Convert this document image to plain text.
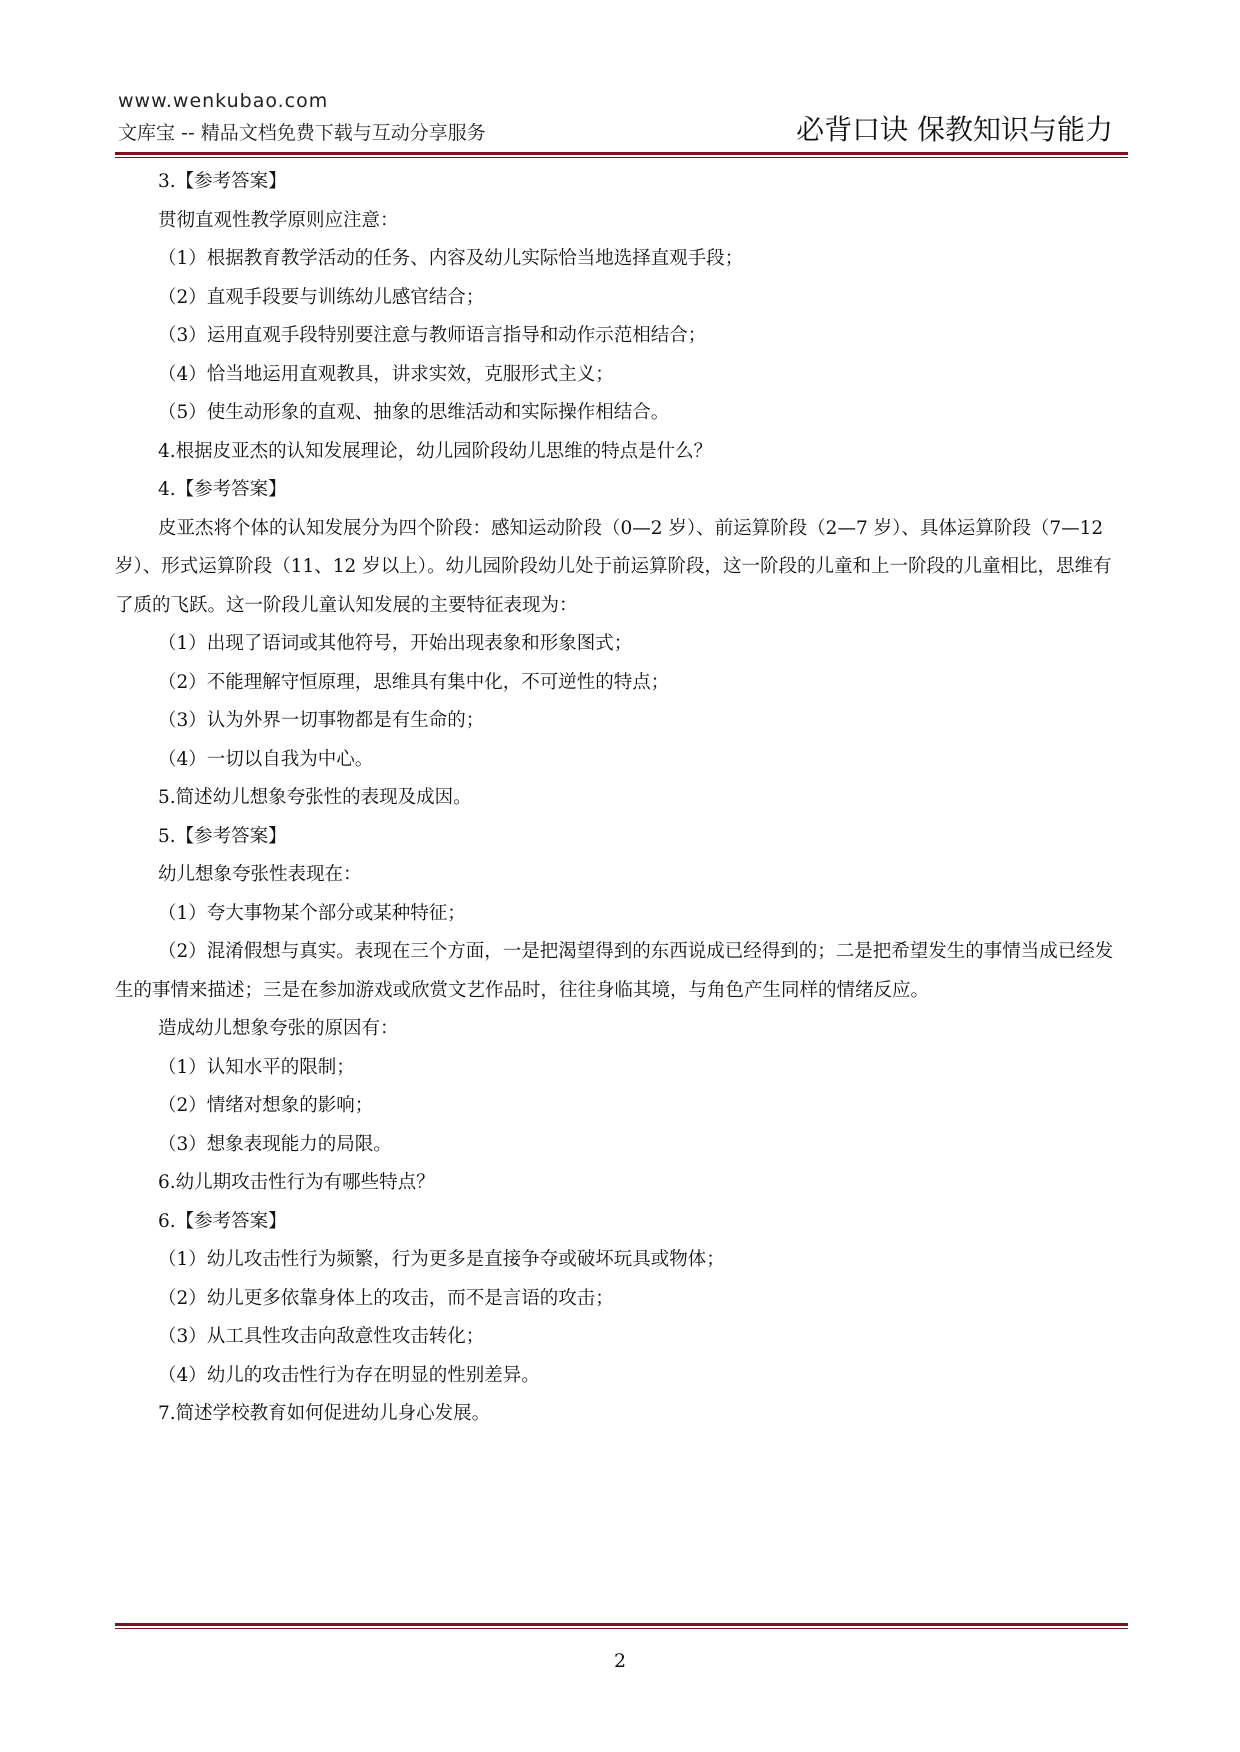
www.wenkubao.com
文库宝 -- 精品文档免费下载与互动分享服务	必背口诀 保教知识与能力

3.【参考答案】

贯彻直观性教学原则应注意：

（1）根据教育教学活动的任务、内容及幼儿实际恰当地选择直观手段；

（2）直观手段要与训练幼儿感官结合；

（3）运用直观手段特别要注意与教师语言指导和动作示范相结合；

（4）恰当地运用直观教具，讲求实效，克服形式主义；

（5）使生动形象的直观、抽象的思维活动和实际操作相结合。

4.根据皮亚杰的认知发展理论，幼儿园阶段幼儿思维的特点是什么？

4.【参考答案】

皮亚杰将个体的认知发展分为四个阶段：感知运动阶段（0—2 岁）、前运算阶段（2—7 岁）、具体运算阶段（7—12 岁）、形式运算阶段（11、12 岁以上）。幼儿园阶段幼儿处于前运算阶段，这一阶段的儿童和上一阶段的儿童相比，思维有了质的飞跃。这一阶段儿童认知发展的主要特征表现为：

（1）出现了语词或其他符号，开始出现表象和形象图式；

（2）不能理解守恒原理，思维具有集中化，不可逆性的特点；

（3）认为外界一切事物都是有生命的；

（4）一切以自我为中心。

5.简述幼儿想象夸张性的表现及成因。

5.【参考答案】

幼儿想象夸张性表现在：

（1）夸大事物某个部分或某种特征；

（2）混淆假想与真实。表现在三个方面，一是把渴望得到的东西说成已经得到的；二是把希望发生的事情当成已经发生的事情来描述；三是在参加游戏或欣赏文艺作品时，往往身临其境，与角色产生同样的情绪反应。

造成幼儿想象夸张的原因有：

（1）认知水平的限制；

（2）情绪对想象的影响；

（3）想象表现能力的局限。

6.幼儿期攻击性行为有哪些特点？

6.【参考答案】

（1）幼儿攻击性行为频繁，行为更多是直接争夺或破坏玩具或物体；

（2）幼儿更多依靠身体上的攻击，而不是言语的攻击；

（3）从工具性攻击向敌意性攻击转化；

（4）幼儿的攻击性行为存在明显的性别差异。

7.简述学校教育如何促进幼儿身心发展。

2
